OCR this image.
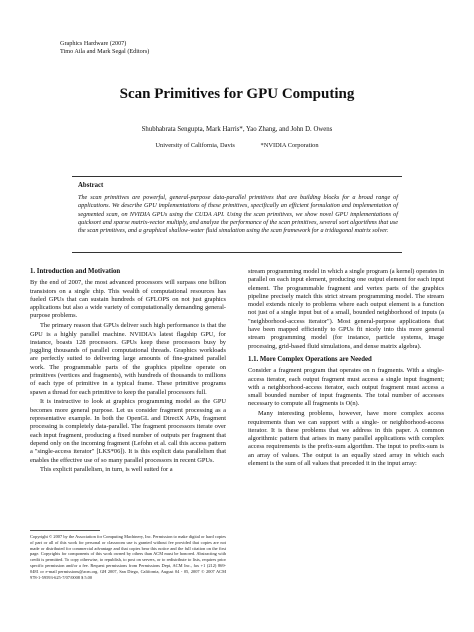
Graphics Hardware (2007)
Timo Aila and Mark Segal (Editors)
Scan Primitives for GPU Computing
Shubhabrata Sengupta, Mark Harris*, Yao Zhang, and John D. Owens
University of California, Davis	*NVIDIA Corporation
Abstract
The scan primitives are powerful, general-purpose data-parallel primitives that are building blocks for a broad range of applications. We describe GPU implementations of these primitives, specifically an efficient formulation and implementation of segmented scan, on NVIDIA GPUs using the CUDA API. Using the scan primitives, we show novel GPU implementations of quicksort and sparse matrix-vector multiply, and analyze the performance of the scan primitives, several sort algorithms that use the scan primitives, and a graphical shallow-water fluid simulation using the scan framework for a tridiagonal matrix solver.

1. Introduction and Motivation

By the end of 2007, the most advanced processors will surpass one billion transistors on a single chip. This wealth of computational resources has fueled GPUs that can sustain hundreds of GFLOPS on not just graphics applications but also a wide variety of computationally demanding general-purpose problems.

The primary reason that GPUs deliver such high performance is that the GPU is a highly parallel machine. NVIDIA's latest flagship GPU, for instance, boasts 128 processors. GPUs keep these processors busy by juggling thousands of parallel computational threads. Graphics workloads are perfectly suited to delivering large amounts of fine-grained parallel work. The programmable parts of the graphics pipeline operate on primitives (vertices and fragments), with hundreds of thousands to millions of each type of primitive in a typical frame. These primitive programs spawn a thread for each primitive to keep the parallel processors full.

It is instructive to look at graphics programming model as the GPU becomes more general purpose. Let us consider fragment processing as a representative example. In both the OpenGL and DirectX APIs, fragment processing is completely data-parallel. The fragment processors iterate over each input fragment, producing a fixed number of outputs per fragment that depend only on the incoming fragment (Lefohn et al. call this access pattern a "single-access iterator" [LKS*06]). It is this explicit data parallelism that enables the effective use of so many parallel processors in recent GPUs.

This explicit parallelism, in turn, is well suited for a

stream programming model in which a single program (a kernel) operates in parallel on each input element, producing one output element for each input element. The programmable fragment and vertex parts of the graphics pipeline precisely match this strict stream programming model. The stream model extends nicely to problems where each output element is a function not just of a single input but of a small, bounded neighborhood of inputs (a "neighborhood-access iterator"). Most general-purpose applications that have been mapped efficiently to GPUs fit nicely into this more general stream programming model (for instance, particle systems, image processing, grid-based fluid simulations, and dense matrix algebra).

1.1. More Complex Operations are Needed

Consider a fragment program that operates on n fragments. With a single-access iterator, each output fragment must access a single input fragment; with a neighborhood-access iterator, each output fragment must access a small bounded number of input fragments. The total number of accesses necessary to compute all fragments is O(n).

Many interesting problems, however, have more complex access requirements than we can support with a single- or neighborhood-access iterator. It is these problems that we address in this paper. A common algorithmic pattern that arises in many parallel applications with complex access requirements is the prefix-sum algorithm. The input to prefix-sum is an array of values. The output is an equally sized array in which each element is the sum of all values that preceded it in the input array:

Copyright © 2007 by the Association for Computing Machinery, Inc. Permission to make digital or hard copies of part or all of this work for personal or classroom use is granted without fee provided that copies are not made or distributed for commercial advantage and that copies bear this notice and the full citation on the first page. Copyrights for components of this work owned by others than ACM must be honored. Abstracting with credit is permitted. To copy otherwise, to republish, to post on servers, or to redistribute to lists, requires prior specific permission and/or a fee. Request permissions from Permissions Dept, ACM Inc., fax +1 (212) 869-0481 or e-mail permissions@acm.org. GH 2007, San Diego, California, August 04 - 05, 2007 © 2007 ACM 978-1-59593-625-7/07/0008 $ 5.00
